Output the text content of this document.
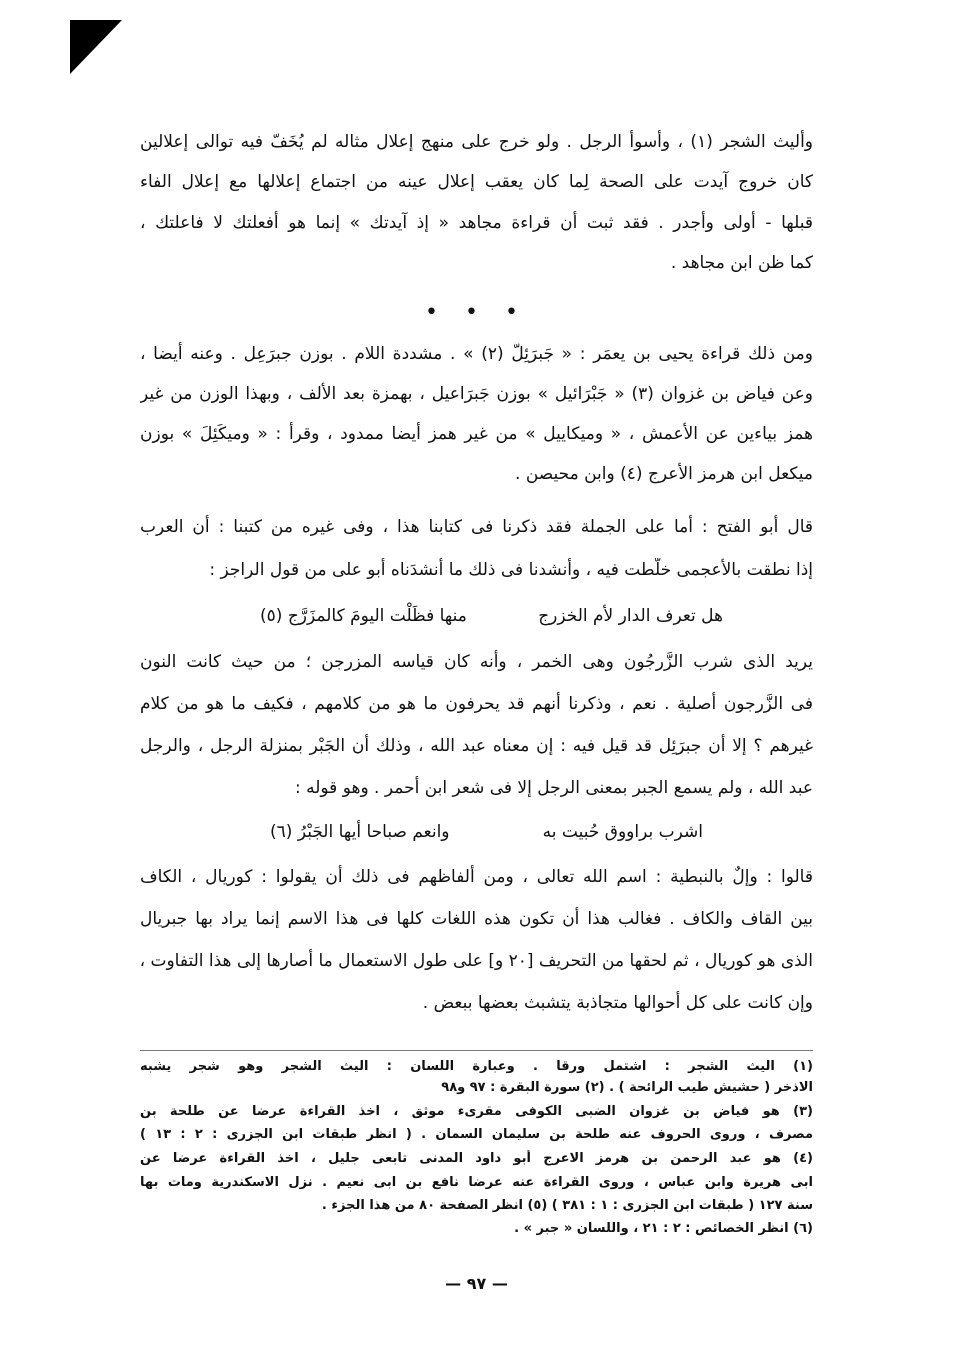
وأليث الشجر (١) ، وأسوأ الرجل . ولو خرج على منهج إعلال مثاله لم يُخَفّ فيه توالى إعلالين
كان خروج آيدت على الصحة لِما كان يعقب إعلال عينه من اجتماع إعلالها مع إعلال الفاء
قبلها - أولى وأجدر . فقد ثبت أن قراءة مجاهد « إذ آيدتك » إنما هو أفعلتك لا فاعلتك ،
كما ظن ابن مجاهد .
• • •
ومن ذلك قراءة يحيى بن يعمَر : « جَبرَئِلّ (٢) » . مشددة اللام . بوزن جبرَعِل . وعنه أيضا ،
وعن فياض بن غزوان (٣) « جَبْرَائيل » بوزن جَبرَاعيل ، بهمزة بعد الألف ، وبهذا الوزن من غير
همز بياءين عن الأعمش ، « وميكاييل » من غير همز أيضا ممدود ، وقرأ : « وميكَئِلَ » بوزن
ميكعل ابن هرمز الأعرج (٤) وابن محيصن .
قال أبو الفتح : أما على الجملة فقد ذكرنا فى كتابنا هذا ، وفى غيره من كتبنا : أن العرب
إذا نطقت بالأعجمى خلّطت فيه ، وأنشدنا فى ذلك ما أنشدَناه أبو على من قول الراجز :
هل تعرف الدار لأم الخزرج
منها فظَلْت اليومَ كالمزَرَّج (٥)
يريد الذى شرب الزَّرجُون وهى الخمر ، وأنه كان قياسه المزرجن ؛ من حيث كانت النون
فى الزَّرجون أصلية . نعم ، وذكرنا أنهم قد يحرفون ما هو من كلامهم ، فكيف ما هو من كلام
غيرهم ؟ إلا أن جبرَئِل قد قيل فيه : إن معناه عبد الله ، وذلك أن الجَبْر بمنزلة الرجل ، والرجل
عبد الله ، ولم يسمع الجبر بمعنى الرجل إلا فى شعر ابن أحمر . وهو قوله :
اشرب براووق حُبيت به
وانعم صباحا أيها الجَبْرُ (٦)
قالوا : وإلٌ بالنبطية : اسم الله تعالى ، ومن ألفاظهم فى ذلك أن يقولوا : كوريال ، الكاف
بين القاف والكاف . فغالب هذا أن تكون هذه اللغات كلها فى هذا الاسم إنما يراد بها جبريال
الذى هو كوريال ، ثم لحقها من التحريف [٢٠ و] على طول الاستعمال ما أصارها إلى هذا التفاوت ،
وإن كانت على كل أحوالها متجاذبة يتشبث بعضها ببعض .
(١) اليث الشجر : اشتمل ورقا . وعبارة اللسان : اليث الشجر وهو شجر يشبه
الاذخر ( حشيش طيب الرائحة ) . (٢) سورة البقرة : ٩٧ و٩٨
(٣) هو فياض بن غزوان الضبى الكوفى مقرىء موثق ، اخذ القراءة عرضا عن طلحة بن
مصرف ، وروى الحروف عنه طلحة بن سليمان السمان . ( انظر طبقات ابن الجزرى : ٢ : ١٣ )
(٤) هو عبد الرحمن بن هرمز الاعرج أبو داود المدنى تابعى جليل ، اخذ القراءة عرضا عن
ابى هريرة وابن عباس ، وروى القراءة عنه عرضا نافع بن ابى نعيم . نزل الاسكندرية ومات بها
سنة ١٢٧ ( طبقات ابن الجزرى : ١ : ٣٨١ ) (٥) انظر الصفحة ٨٠ من هذا الجزء .
(٦) انظر الخصائص : ٢ : ٢١ ، واللسان « جبر » .
— ٩٧ —
